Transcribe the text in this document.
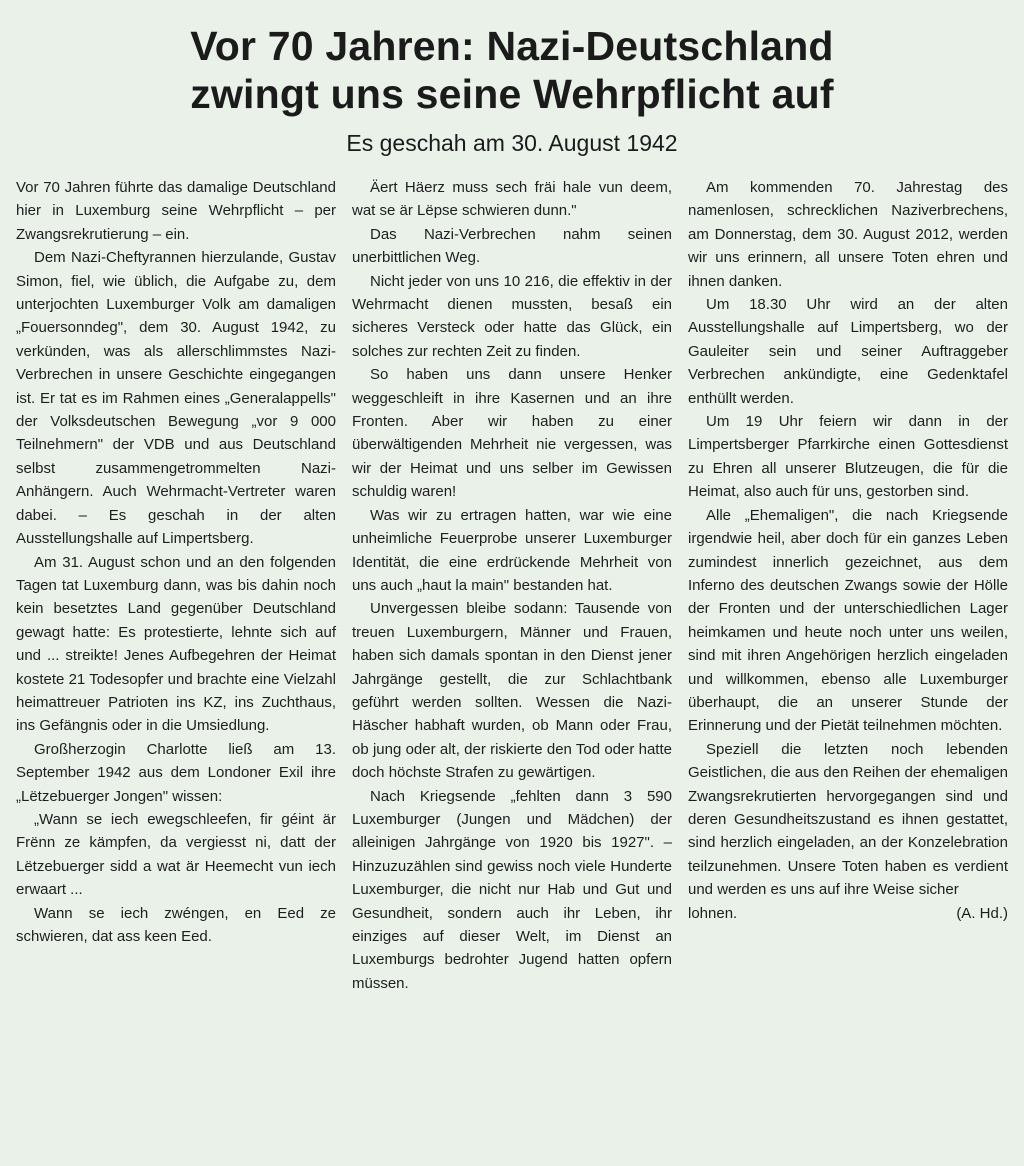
Vor 70 Jahren: Nazi-Deutschland
zwingt uns seine Wehrpflicht auf
Es geschah am 30. August 1942

Vor 70 Jahren führte das damalige Deutschland hier in Luxemburg seine Wehrpflicht – per Zwangsrekrutierung – ein.

Dem Nazi-Cheftyrannen hierzulande, Gustav Simon, fiel, wie üblich, die Aufgabe zu, dem unterjochten Luxemburger Volk am damaligen „Fouersonndeg", dem 30. August 1942, zu verkünden, was als allerschlimmstes Nazi-Verbrechen in unsere Geschichte eingegangen ist. Er tat es im Rahmen eines „Generalappells" der Volksdeutschen Bewegung „vor 9 000 Teilnehmern" der VDB und aus Deutschland selbst zusammengetrommelten Nazi-Anhängern. Auch Wehrmacht-Vertreter waren dabei. – Es geschah in der alten Ausstellungshalle auf Limpertsberg.

Am 31. August schon und an den folgenden Tagen tat Luxemburg dann, was bis dahin noch kein besetztes Land gegenüber Deutschland gewagt hatte: Es protestierte, lehnte sich auf und ... streikte! Jenes Aufbegehren der Heimat kostete 21 Todesopfer und brachte eine Vielzahl heimattreuer Patrioten ins KZ, ins Zuchthaus, ins Gefängnis oder in die Umsiedlung.

Großherzogin Charlotte ließ am 13. September 1942 aus dem Londoner Exil ihre „Lëtzebuerger Jongen" wissen:

„Wann se iech ewegschleefen, fir géint är Frënn ze kämpfen, da vergiesst ni, datt der Lëtzebuerger sidd a wat är Heemecht vun iech erwaart ...

Wann se iech zwéngen, en Eed ze schwieren, dat ass keen Eed.

Äert Häerz muss sech fräi hale vun deem, wat se är Lëpse schwieren dunn."

Das Nazi-Verbrechen nahm seinen unerbittlichen Weg.

Nicht jeder von uns 10 216, die effektiv in der Wehrmacht dienen mussten, besaß ein sicheres Versteck oder hatte das Glück, ein solches zur rechten Zeit zu finden.

So haben uns dann unsere Henker weggeschleift in ihre Kasernen und an ihre Fronten. Aber wir haben zu einer überwältigenden Mehrheit nie vergessen, was wir der Heimat und uns selber im Gewissen schuldig waren!

Was wir zu ertragen hatten, war wie eine unheimliche Feuerprobe unserer Luxemburger Identität, die eine erdrückende Mehrheit von uns auch „haut la main" bestanden hat.

Unvergessen bleibe sodann: Tausende von treuen Luxemburgern, Männer und Frauen, haben sich damals spontan in den Dienst jener Jahrgänge gestellt, die zur Schlachtbank geführt werden sollten. Wessen die Nazi-Häscher habhaft wurden, ob Mann oder Frau, ob jung oder alt, der riskierte den Tod oder hatte doch höchste Strafen zu gewärtigen.

Nach Kriegsende „fehlten dann 3 590 Luxemburger (Jungen und Mädchen) der alleinigen Jahrgänge von 1920 bis 1927". – Hinzuzuzählen sind gewiss noch viele Hunderte Luxemburger, die nicht nur Hab und Gut und Gesundheit, sondern auch ihr Leben, ihr einziges auf dieser Welt, im Dienst an Luxemburgs bedrohter Jugend hatten opfern müssen.

Am kommenden 70. Jahrestag des namenlosen, schrecklichen Naziverbrechens, am Donnerstag, dem 30. August 2012, werden wir uns erinnern, all unsere Toten ehren und ihnen danken.

Um 18.30 Uhr wird an der alten Ausstellungshalle auf Limpertsberg, wo der Gauleiter sein und seiner Auftraggeber Verbrechen ankündigte, eine Gedenktafel enthüllt werden.

Um 19 Uhr feiern wir dann in der Limpertsberger Pfarrkirche einen Gottesdienst zu Ehren all unserer Blutzeugen, die für die Heimat, also auch für uns, gestorben sind.

Alle „Ehemaligen", die nach Kriegsende irgendwie heil, aber doch für ein ganzes Leben zumindest innerlich gezeichnet, aus dem Inferno des deutschen Zwangs sowie der Hölle der Fronten und der unterschiedlichen Lager heimkamen und heute noch unter uns weilen, sind mit ihren Angehörigen herzlich eingeladen und willkommen, ebenso alle Luxemburger überhaupt, die an unserer Stunde der Erinnerung und der Pietät teilnehmen möchten.

Speziell die letzten noch lebenden Geistlichen, die aus den Reihen der ehemaligen Zwangsrekrutierten hervorgegangen sind und deren Gesundheitszustand es ihnen gestattet, sind herzlich eingeladen, an der Konzelebration teilzunehmen. Unsere Toten haben es verdient und werden es uns auf ihre Weise sicher

lohnen.	(A. Hd.)
